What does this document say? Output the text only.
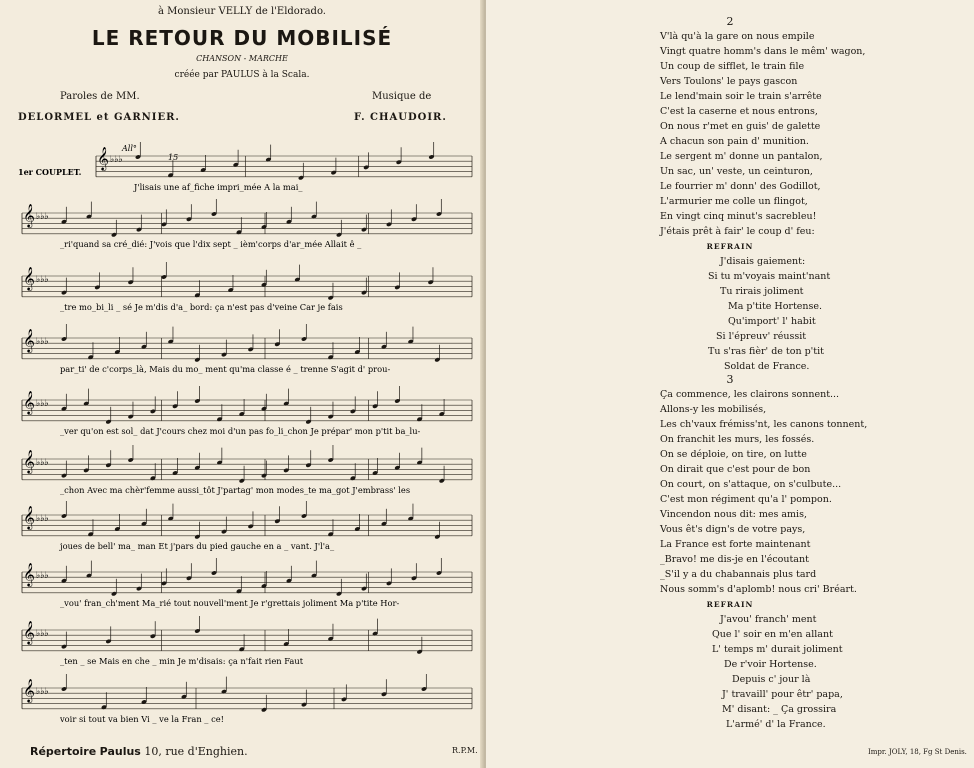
à Monsieur VELLY de l'Eldorado.
LE RETOUR DU MOBILISÉ
CHANSON - MARCHE
créée par PAULUS à la Scala.
Paroles de MM.	Musique de
DELORMEL et GARNIER.	F. CHAUDOIR.
1er COUPLET.
All°
15
𝄞 ♭♭♭
J'lisais une af_fiche impri_mée A la mai_
𝄞 ♭♭♭
_ri'quand sa cré_dié: J'vois que l'dix sept _ ièm'corps d'ar_mée Allait ê _
𝄞 ♭♭♭
_tre mo_bi_li _ sé Je m'dis d'a_ bord: ça n'est pas d'veine Car je fais
𝄞 ♭♭♭
par_ti' de c'corps_là, Mais du mo_ ment qu'ma classe é _ trenne S'agit d' prou-
𝄞 ♭♭♭
_ver qu'on est sol_ dat J'cours chez moi d'un pas fo_li_chon Je prépar' mon p'tit ba_lu-
𝄞 ♭♭♭
_chon Avec ma chèr'femme aussi_tôt J'partag' mon modes_te ma_got J'embrass' les
𝄞 ♭♭♭
joues de bell' ma_ man Et j'pars du pied gauche en a _ vant. J'l'a_
𝄞 ♭♭♭
_vou' fran_ch'ment Ma_rié tout nouvell'ment Je r'grettais joliment Ma p'tite Hor-
𝄞 ♭♭♭
_ten _ se Mais en che _ min Je m'disais: ça n'fait rien Faut
𝄞 ♭♭♭
voir si tout va bien Vi _ ve la Fran _ ce!
Répertoire Paulus 10, rue d'Enghien.	R.P.M.
2
V'là qu'à la gare on nous empile
Vingt quatre homm's dans le mêm' wagon,
Un coup de sifflet, le train file
Vers Toulons' le pays gascon
Le lend'main soir le train s'arrête
C'est la caserne et nous entrons,
On nous r'met en guis' de galette
A chacun son pain d' munition.
Le sergent m' donne un pantalon,
Un sac, un' veste, un ceinturon,
Le fourrier m' donn' des Godillot,
L'armurier me colle un flingot,
En vingt cinq minut's sacrebleu!
J'étais prêt à fair' le coup d' feu:
REFRAIN
J'disais gaiement:
Si tu m'voyais maint'nant
Tu rirais joliment
Ma p'tite Hortense.
Qu'import' l' habit
Si l'épreuv' réussit
Tu s'ras fièr' de ton p'tit
Soldat de France.
3
Ça commence, les clairons sonnent...
Allons-y les mobilisés,
Les ch'vaux frémiss'nt, les canons tonnent,
On franchit les murs, les fossés.
On se déploie, on tire, on lutte
On dirait que c'est pour de bon
On court, on s'attaque, on s'culbute...
C'est mon régiment qu'a l' pompon.
Vincendon nous dit: mes amis,
Vous êt's dign's de votre pays,
La France est forte maintenant
_Bravo! me dis-je en l'écoutant
_S'il y a du chabannais plus tard
Nous somm's d'aplomb! nous cri' Bréart.
REFRAIN
J'avou' franch' ment
Que l' soir en m'en allant
L' temps m' durait joliment
De r'voir Hortense.
Depuis c' jour là
J' travaill' pour êtr' papa,
M' disant: _ Ça grossira
L'armé' d' la France.
Impr. JOLY, 18, Fg St Denis.
